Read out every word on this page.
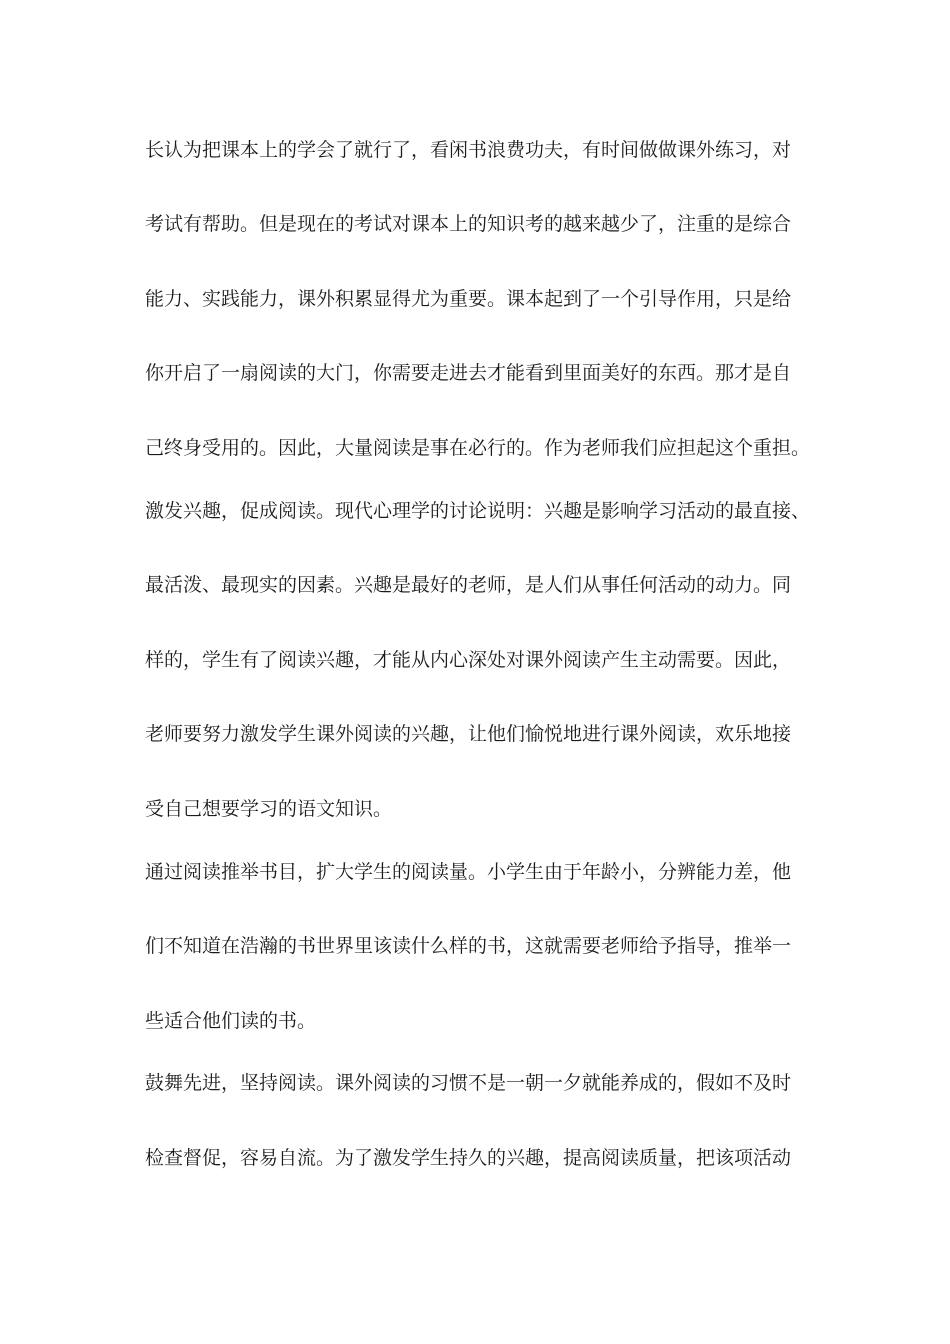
长认为把课本上的学会了就行了，看闲书浪费功夫，有时间做做课外练习，对
考试有帮助。但是现在的考试对课本上的知识考的越来越少了，注重的是综合
能力、实践能力，课外积累显得尤为重要。课本起到了一个引导作用，只是给
你开启了一扇阅读的大门，你需要走进去才能看到里面美好的东西。那才是自
己终身受用的。因此，大量阅读是事在必行的。作为老师我们应担起这个重担。
激发兴趣，促成阅读。现代心理学的讨论说明：兴趣是影响学习活动的最直接、
最活泼、最现实的因素。兴趣是最好的老师，是人们从事任何活动的动力。同
样的，学生有了阅读兴趣，才能从内心深处对课外阅读产生主动需要。因此，
老师要努力激发学生课外阅读的兴趣，让他们愉悦地进行课外阅读，欢乐地接
受自己想要学习的语文知识。
通过阅读推举书目，扩大学生的阅读量。小学生由于年龄小，分辨能力差，他
们不知道在浩瀚的书世界里该读什么样的书，这就需要老师给予指导，推举一
些适合他们读的书。
鼓舞先进，坚持阅读。课外阅读的习惯不是一朝一夕就能养成的，假如不及时
检查督促，容易自流。为了激发学生持久的兴趣，提高阅读质量，把该项活动
